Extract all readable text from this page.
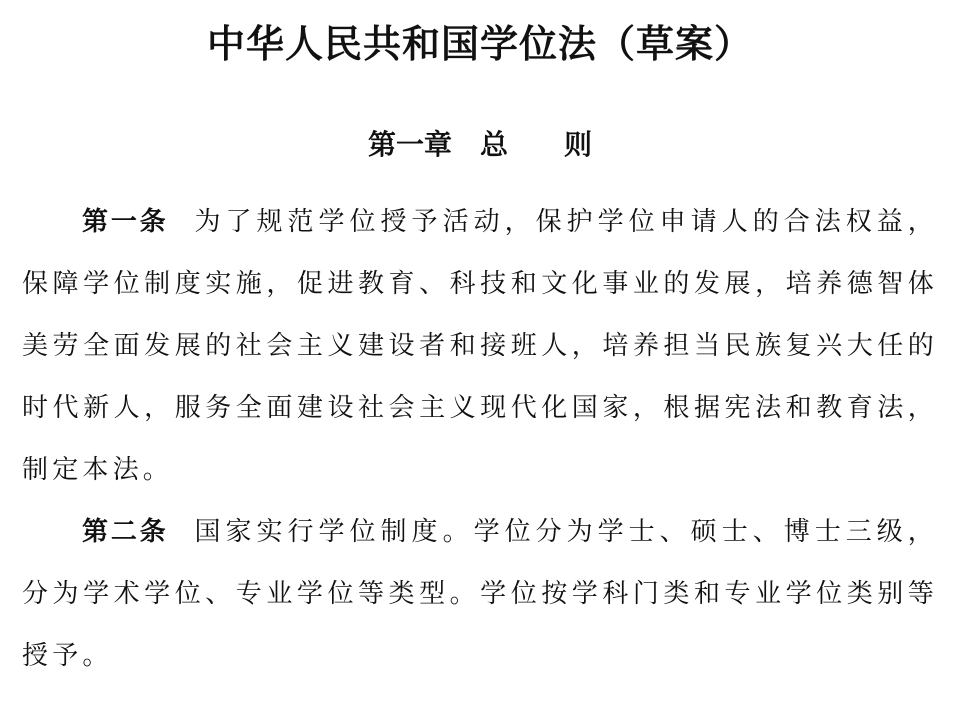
中华人民共和国学位法（草案）
第一章　总　　则

第一条 为了规范学位授予活动，保护学位申请人的合法权益，保障学位制度实施，促进教育、科技和文化事业的发展，培养德智体美劳全面发展的社会主义建设者和接班人，培养担当民族复兴大任的时代新人，服务全面建设社会主义现代化国家，根据宪法和教育法，制定本法。

第二条 国家实行学位制度。学位分为学士、硕士、博士三级，分为学术学位、专业学位等类型。学位按学科门类和专业学位类别等授予。
